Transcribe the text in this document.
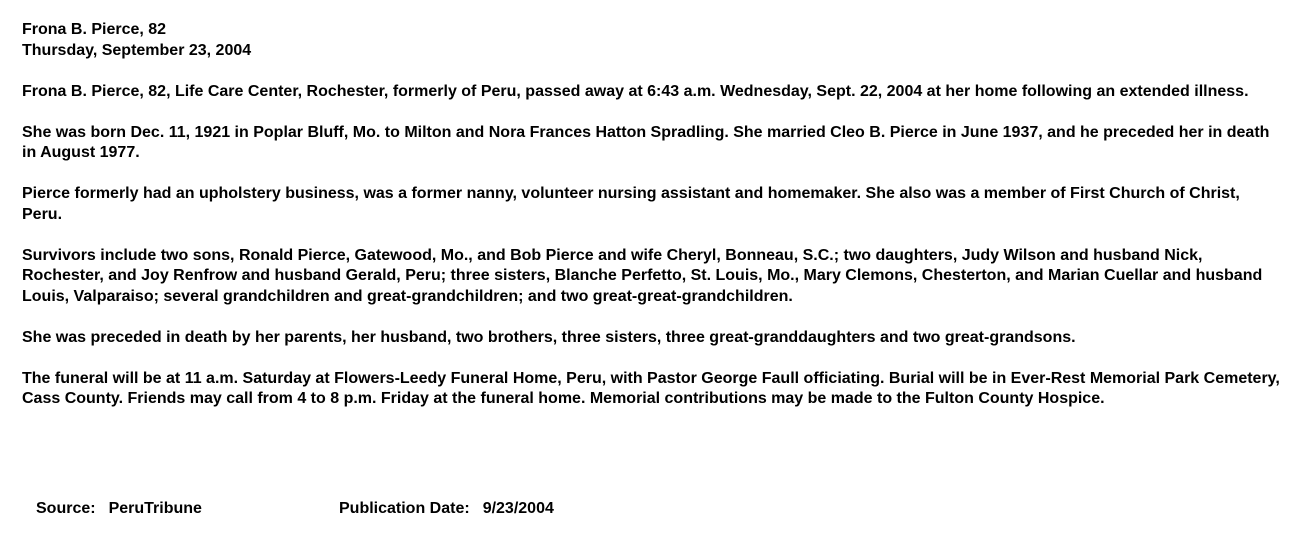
Frona B. Pierce, 82
Thursday, September 23, 2004

Frona B. Pierce, 82, Life Care Center, Rochester, formerly of Peru, passed away at 6:43 a.m. Wednesday, Sept. 22, 2004 at her home following an extended illness.

She was born Dec. 11, 1921 in Poplar Bluff, Mo. to Milton and Nora Frances Hatton Spradling. She married Cleo B. Pierce in June 1937, and he preceded her in death in August 1977.

Pierce formerly had an upholstery business, was a former nanny, volunteer nursing assistant and homemaker. She also was a member of First Church of Christ, Peru.

Survivors include two sons, Ronald Pierce, Gatewood, Mo., and Bob Pierce and wife Cheryl, Bonneau, S.C.; two daughters, Judy Wilson and husband Nick, Rochester, and Joy Renfrow and husband Gerald, Peru; three sisters, Blanche Perfetto, St. Louis, Mo., Mary Clemons, Chesterton, and Marian Cuellar and husband Louis, Valparaiso; several grandchildren and great-grandchildren; and two great-great-grandchildren.

She was preceded in death by her parents, her husband, two brothers, three sisters, three great-granddaughters and two great-grandsons.

The funeral will be at 11 a.m. Saturday at Flowers-Leedy Funeral Home, Peru, with Pastor George Faull officiating. Burial will be in Ever-Rest Memorial Park Cemetery, Cass County. Friends may call from 4 to 8 p.m. Friday at the funeral home. Memorial contributions may be made to the Fulton County Hospice.

Source: PeruTribune	Publication Date: 9/23/2004
